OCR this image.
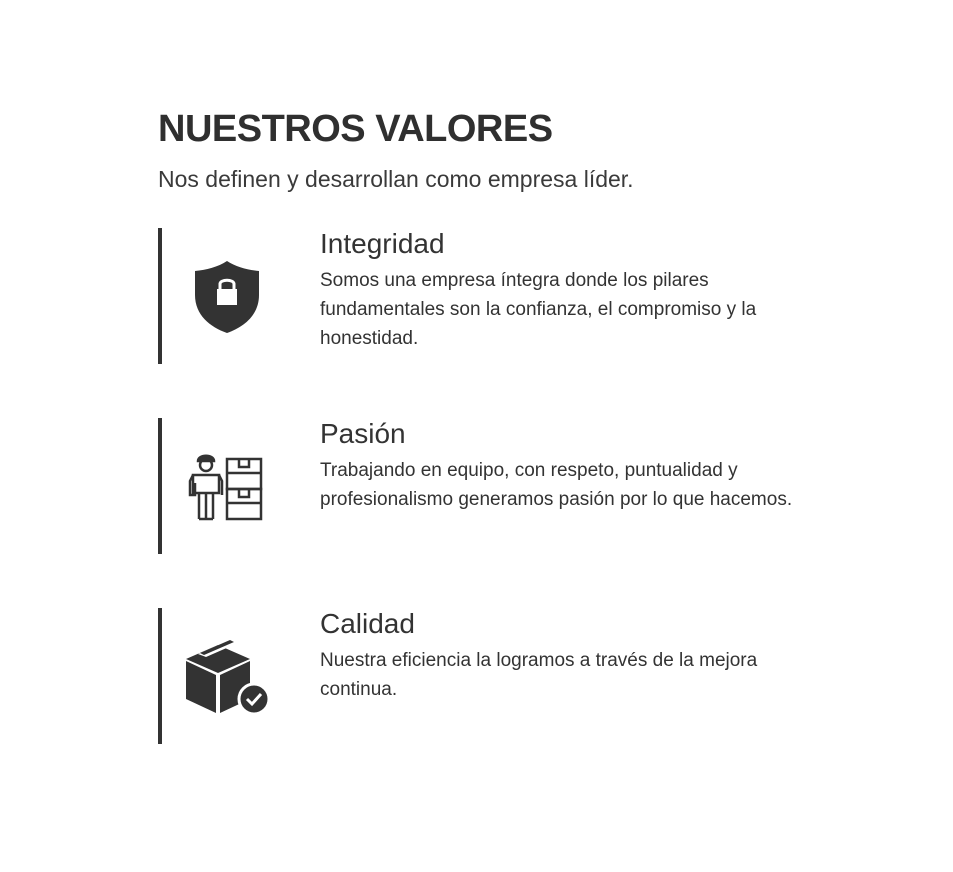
NUESTROS VALORES

Nos definen y desarrollan como empresa líder.

Integridad

Somos una empresa íntegra donde los pilares fundamentales son la confianza, el compromiso y la honestidad.

Pasión

Trabajando en equipo, con respeto, puntualidad y profesionalismo generamos pasión por lo que hacemos.

Calidad

Nuestra eficiencia la logramos a través de la mejora continua.
